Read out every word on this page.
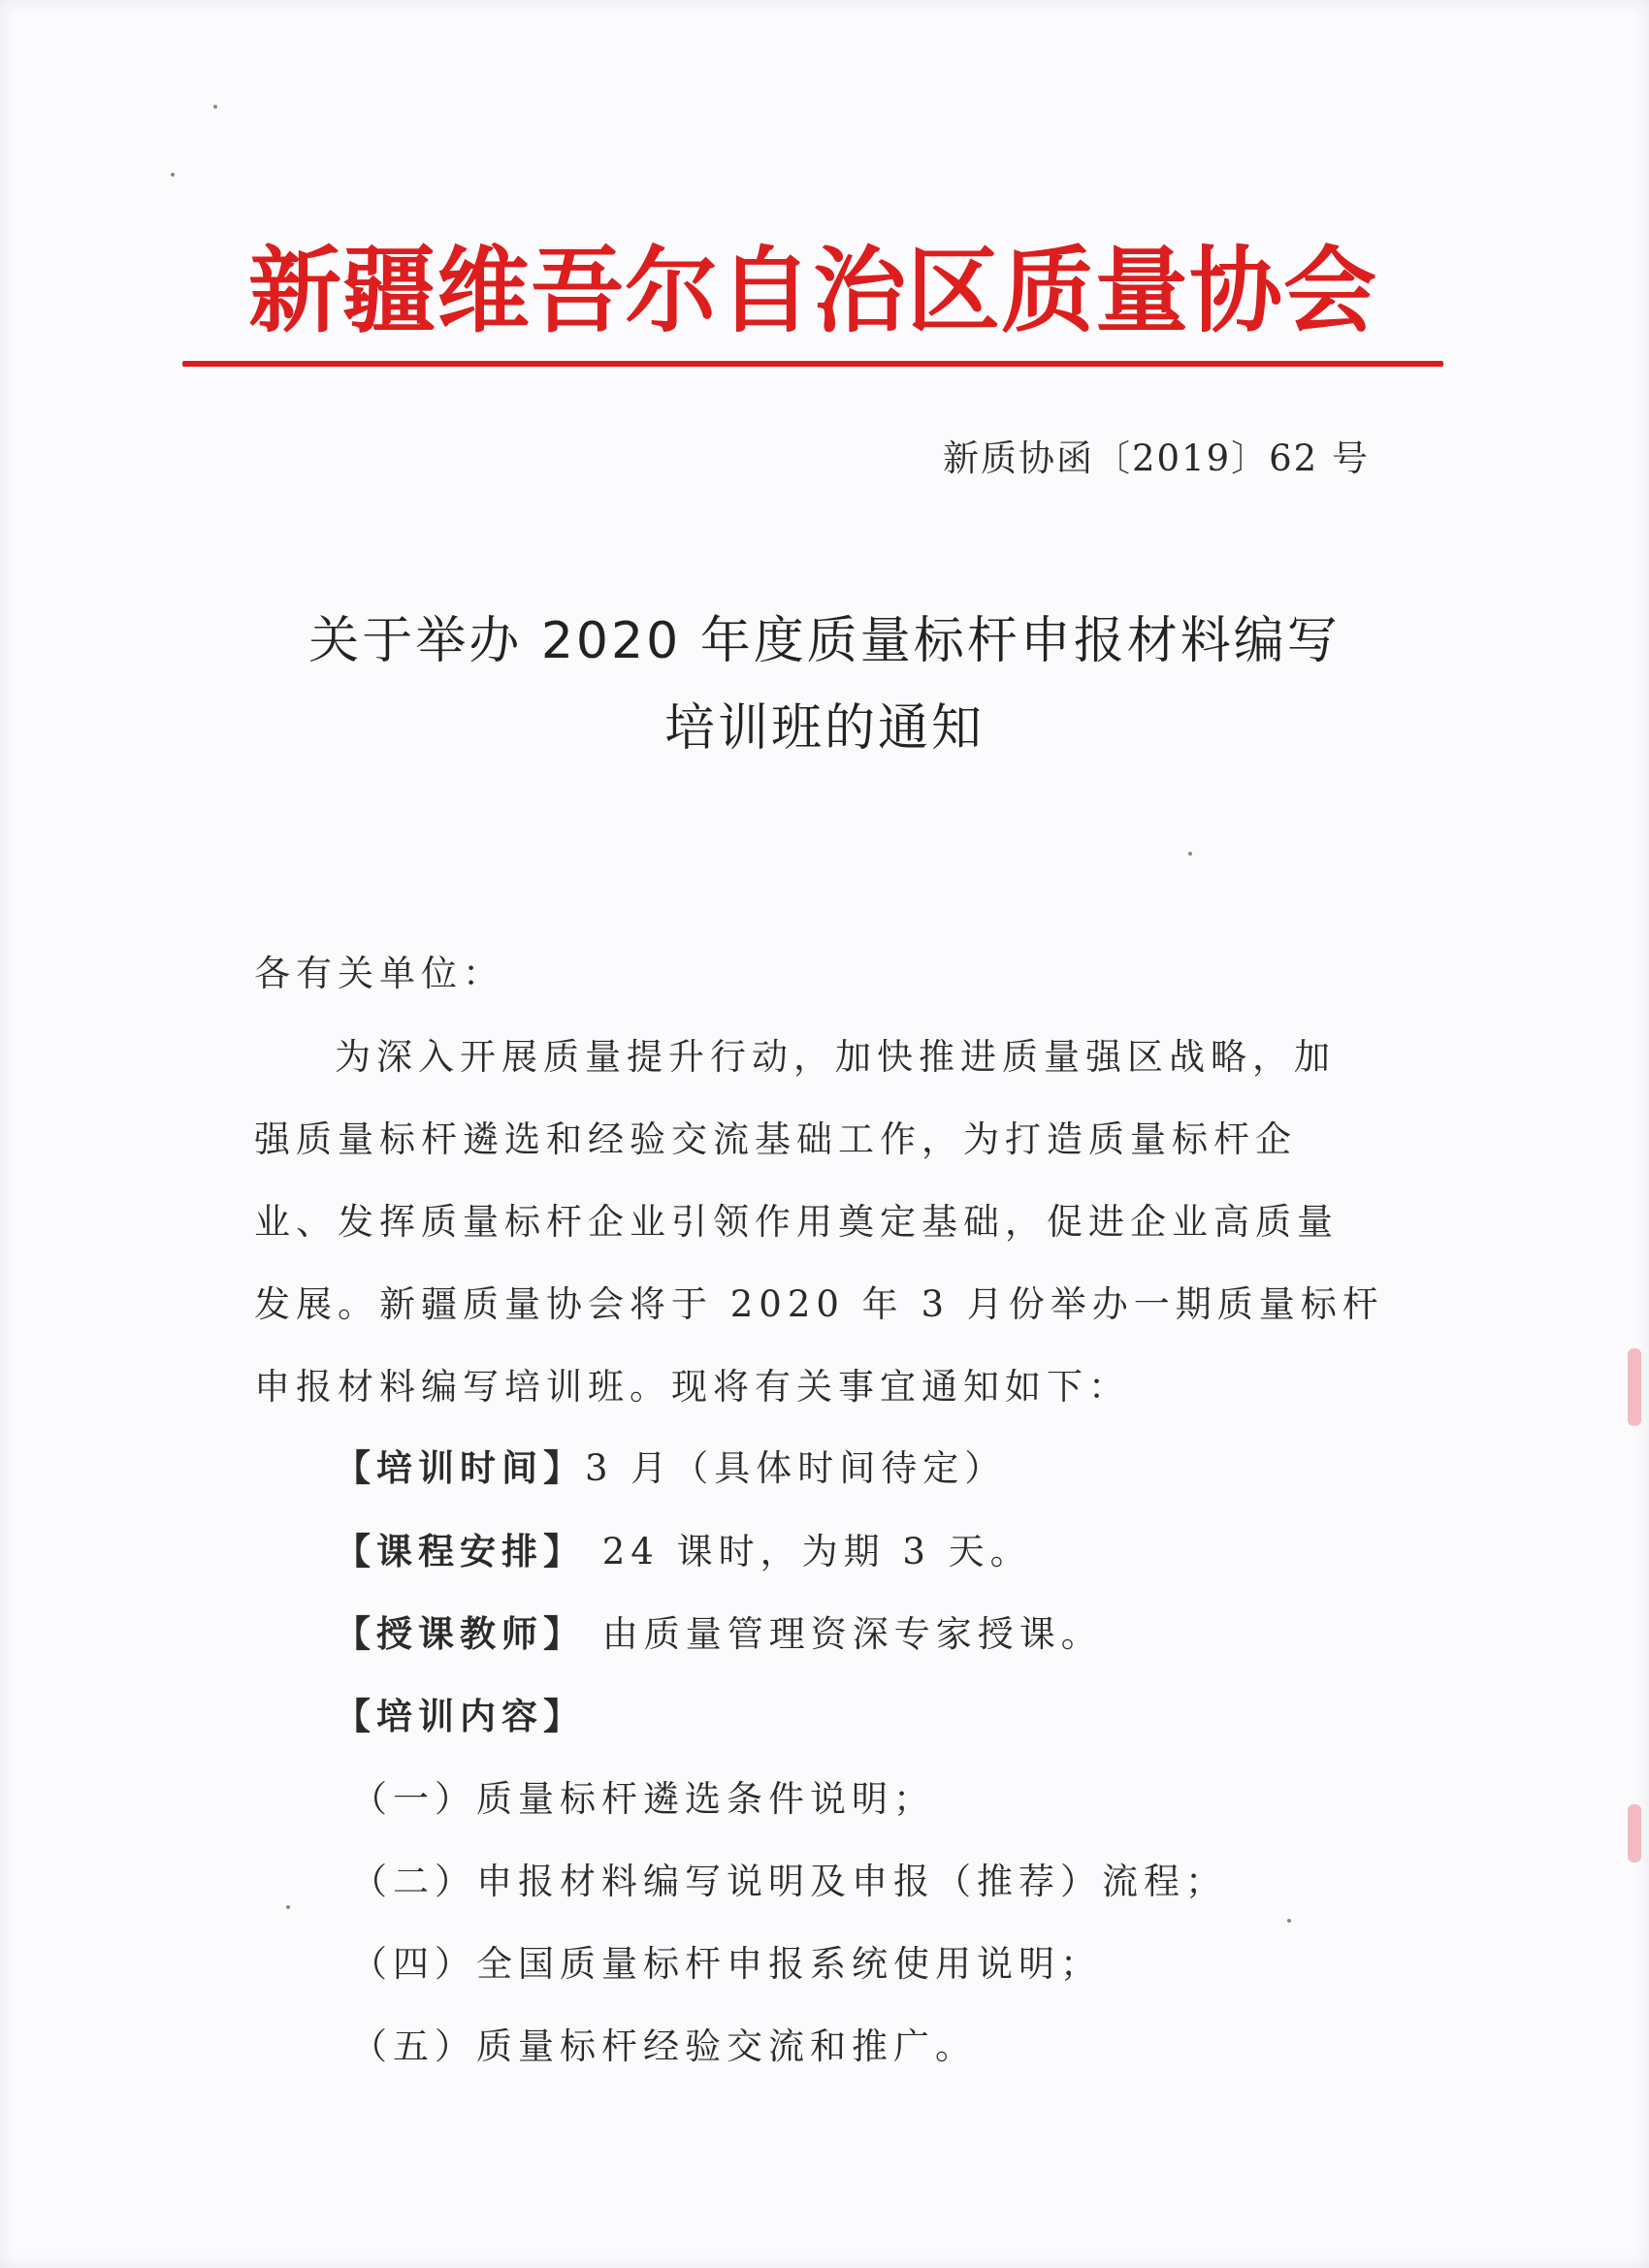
新疆维吾尔自治区质量协会
新质协函〔2019〕62 号
关于举办 2020 年度质量标杆申报材料编写
培训班的通知
各有关单位：
为深入开展质量提升行动，加快推进质量强区战略，加
强质量标杆遴选和经验交流基础工作，为打造质量标杆企
业、发挥质量标杆企业引领作用奠定基础，促进企业高质量
发展。新疆质量协会将于 2020 年 3 月份举办一期质量标杆
申报材料编写培训班。现将有关事宜通知如下：
【培训时间】3 月（具体时间待定）
【课程安排】 24 课时，为期 3 天。
【授课教师】 由质量管理资深专家授课。
【培训内容】
（一）质量标杆遴选条件说明；
（二）申报材料编写说明及申报（推荐）流程；
（四）全国质量标杆申报系统使用说明；
（五）质量标杆经验交流和推广。
